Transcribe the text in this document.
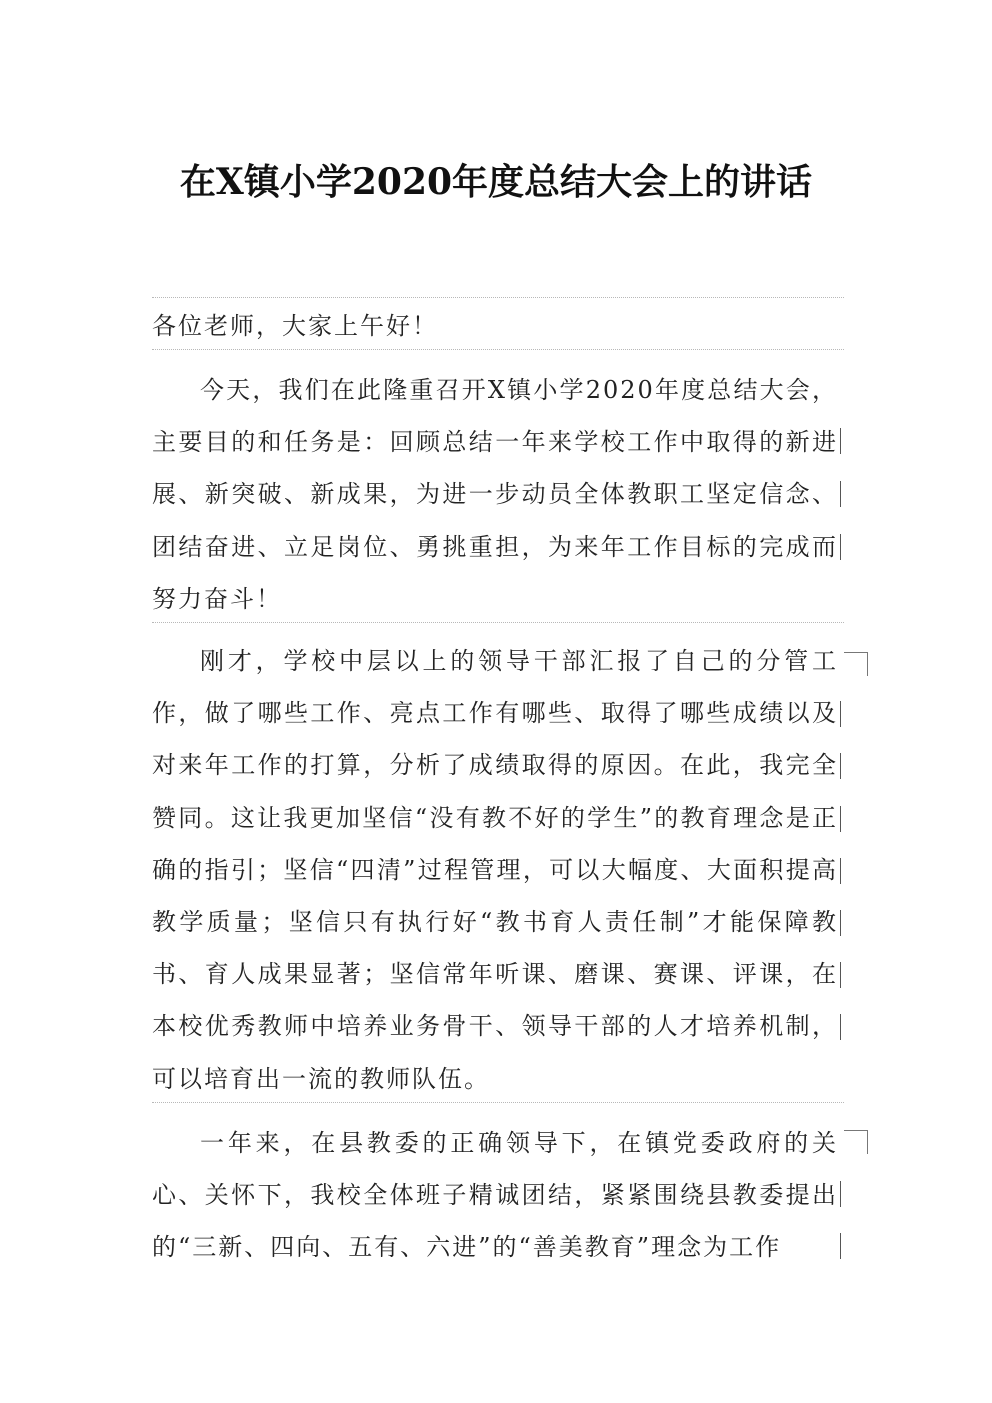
在X镇小学2020年度总结大会上的讲话

各位老师，大家上午好！

今天，我们在此隆重召开X镇小学2020年度总结大会，主要目的和任务是：回顾总结一年来学校工作中取得的新进展、新突破、新成果，为进一步动员全体教职工坚定信念、团结奋进、立足岗位、勇挑重担，为来年工作目标的完成而努力奋斗！

刚才，学校中层以上的领导干部汇报了自己的分管工作，做了哪些工作、亮点工作有哪些、取得了哪些成绩以及对来年工作的打算，分析了成绩取得的原因。在此，我完全赞同。这让我更加坚信“没有教不好的学生”的教育理念是正确的指引；坚信“四清”过程管理，可以大幅度、大面积提高教学质量；坚信只有执行好“教书育人责任制”才能保障教书、育人成果显著；坚信常年听课、磨课、赛课、评课，在本校优秀教师中培养业务骨干、领导干部的人才培养机制，可以培育出一流的教师队伍。

一年来，在县教委的正确领导下，在镇党委政府的关心、关怀下，我校全体班子精诚团结，紧紧围绕县教委提出的“三新、四向、五有、六进”的“善美教育”理念为工作
